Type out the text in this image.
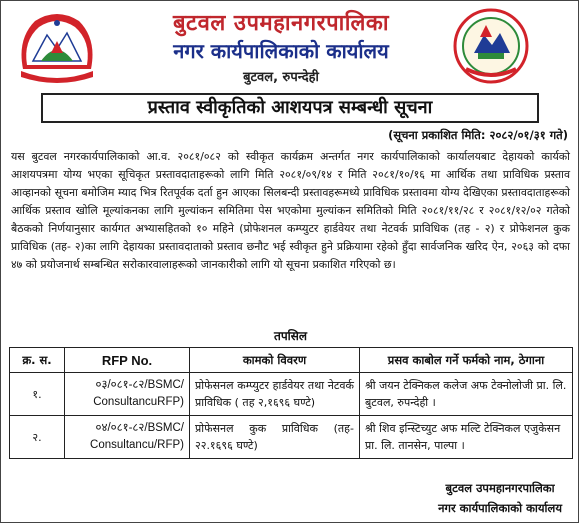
बुटवल उपमहानगरपालिका
नगर कार्यपालिकाको कार्यालय
बुटवल, रुपन्देही
प्रस्ताव स्वीकृतिको आशयपत्र सम्बन्धी सूचना
(सूचना प्रकाशित मिति: २०८२/०१/३१ गते)
यस बुटवल नगरकार्यपालिकाको आ.व. २०८१/०८२ को स्वीकृत कार्यक्रम अन्तर्गत नगर कार्यपालिकाको कार्यालयबाट देहायको कार्यको आशयपत्रमा योग्य भएका सूचिकृत प्रस्तावदाताहरूको लागि मिति २०८१/०९/१४ र मिति २०८१/१०/१६ मा आर्थिक तथा प्राविधिक प्रस्ताव आव्हानको सूचना बमोजिम म्याद भित्र रितपूर्वक दर्ता हुन आएका सिलबन्दी प्रस्तावहरूमध्ये प्राविधिक प्रस्तावमा योग्य देखिएका प्रस्तावदाताहरूको आर्थिक प्रस्ताव खोलि मूल्यांकनका लागि मुल्यांकन समितिमा पेस भएकोमा मुल्यांकन समितिको मिति २०८१/११/२८ र २०८१/१२/०२ गतेको बैठकको निर्णयानुसार कार्यगत अभ्यासहितको १० महिने (प्रोफेशनल कम्प्युटर हार्डवेयर तथा नेटवर्क प्राविधिक (तह - २) र प्रोफेशनल कुक प्राविधिक (तह- २)का लागि देहायका प्रस्तावदाताको प्रस्ताव छनौट भई स्वीकृत हुने प्रक्रियामा रहेको हुँदा सार्वजनिक खरिद ऐन, २०६३ को दफा ४७ को प्रयोजनार्थ सम्बन्धित सरोकारवालाहरूको जानकारीको लागि यो सूचना प्रकाशित गरिएको छ।
तपसिल
क्र. स.	RFP No.	कामको विवरण	प्रसव काबोल गर्ने फर्मको नाम, ठेगाना
१.	०३/०८१-८२/BSMC/ ConsultancuRFP)	प्रोफेसनल कम्प्युटर हार्डवेयर तथा नेटवर्क प्राविधिक ( तह २,१६९६ घण्टे)	श्री जयन टेक्निकल कलेज अफ टेक्नोलोजी प्रा. लि. बुटवल, रुपन्देही ।
२.	०४/०८१-८२/BSMC/ Consultancu/RFP)	प्रोफेसनल कुक प्राविधिक (तह- २२.१६९६ घण्टे)	श्री शिव इन्स्टिच्युट अफ मल्टि टेक्निकल एजुकेसन प्रा. लि. तानसेन, पाल्पा ।
बुटवल उपमहानगरपालिका
नगर कार्यपालिकाको कार्यालय
